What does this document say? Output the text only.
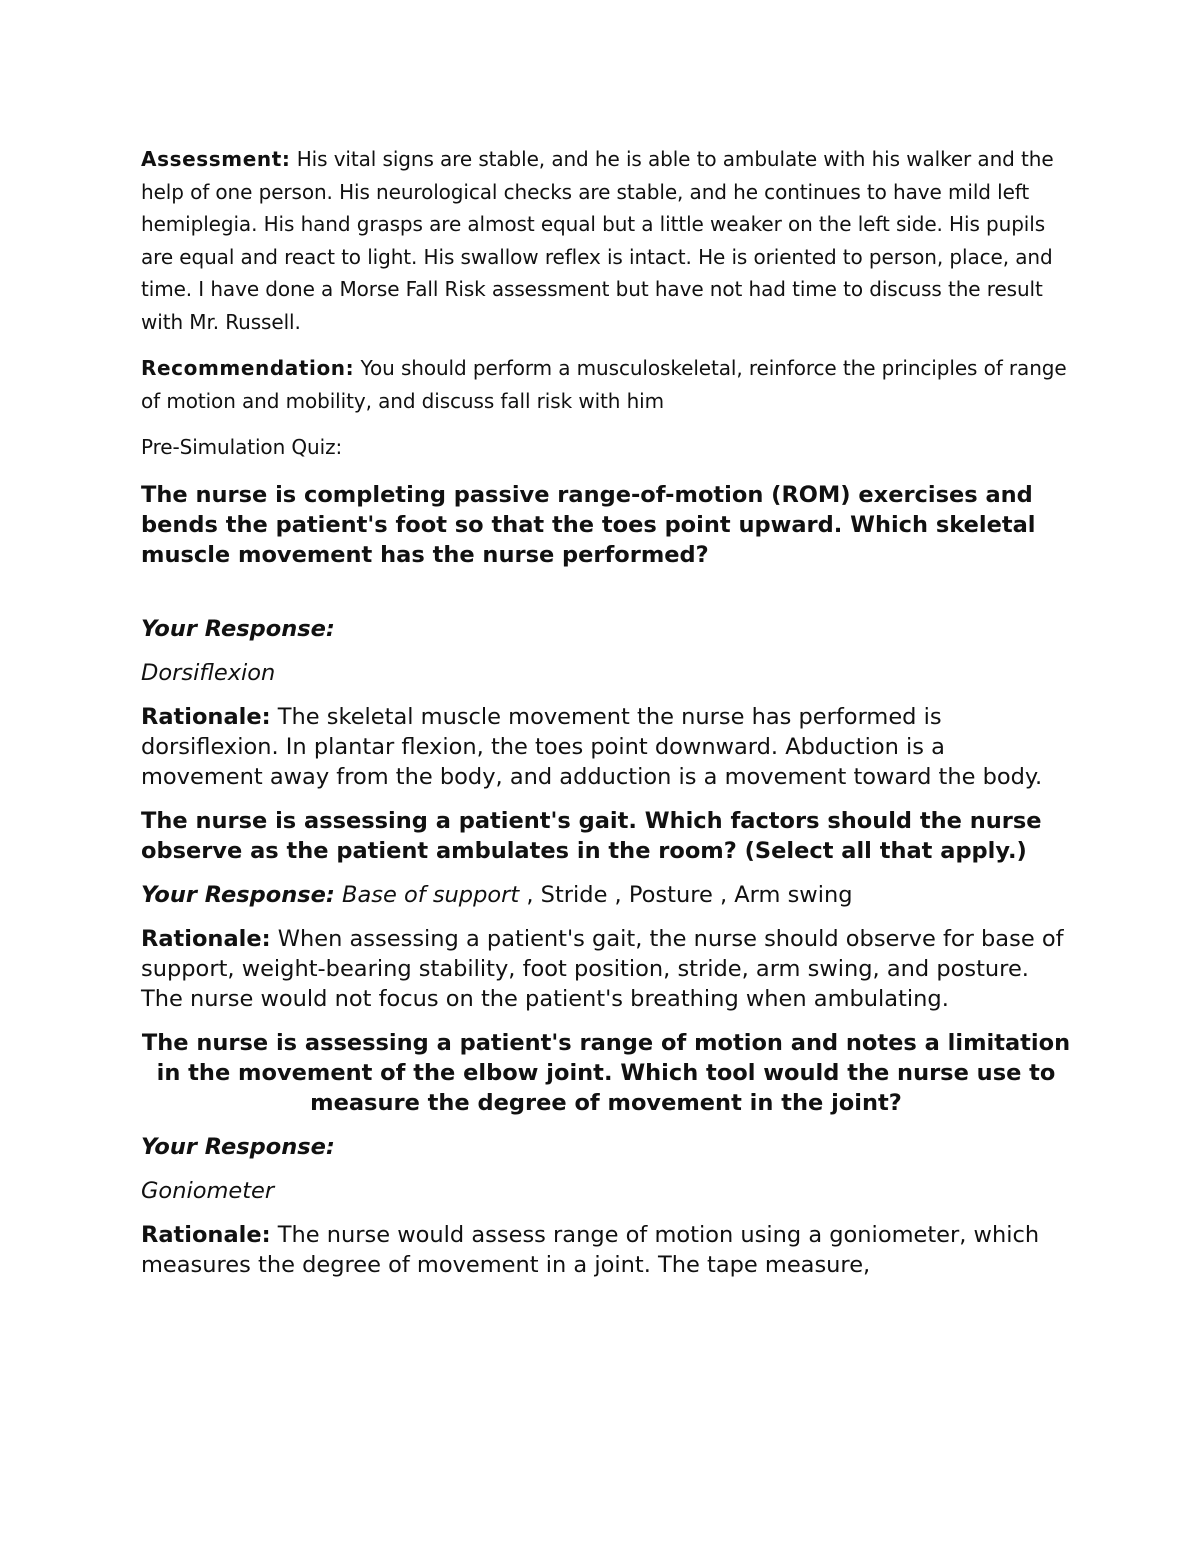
Assessment: His vital signs are stable, and he is able to ambulate with his walker and the help of one person. His neurological checks are stable, and he continues to have mild left hemiplegia. His hand grasps are almost equal but a little weaker on the left side. His pupils are equal and react to light. His swallow reflex is intact. He is oriented to person, place, and time. I have done a Morse Fall Risk assessment but have not had time to discuss the result with Mr. Russell.

Recommendation: You should perform a musculoskeletal, reinforce the principles of range of motion and mobility, and discuss fall risk with him

Pre-Simulation Quiz:

The nurse is completing passive range-of-motion (ROM) exercises and bends the patient's foot so that the toes point upward. Which skeletal muscle movement has the nurse performed?

Your Response:

Dorsiflexion

Rationale: The skeletal muscle movement the nurse has performed is dorsiflexion. In plantar flexion, the toes point downward. Abduction is a movement away from the body, and adduction is a movement toward the body.

The nurse is assessing a patient's gait. Which factors should the nurse observe as the patient ambulates in the room? (Select all that apply.)

Your Response: Base of support , Stride , Posture , Arm swing

Rationale: When assessing a patient's gait, the nurse should observe for base of support, weight-bearing stability, foot position, stride, arm swing, and posture. The nurse would not focus on the patient's breathing when ambulating.

The nurse is assessing a patient's range of motion and notes a limitation in the movement of the elbow joint. Which tool would the nurse use to measure the degree of movement in the joint?

Your Response:

Goniometer

Rationale: The nurse would assess range of motion using a goniometer, which measures the degree of movement in a joint. The tape measure,
